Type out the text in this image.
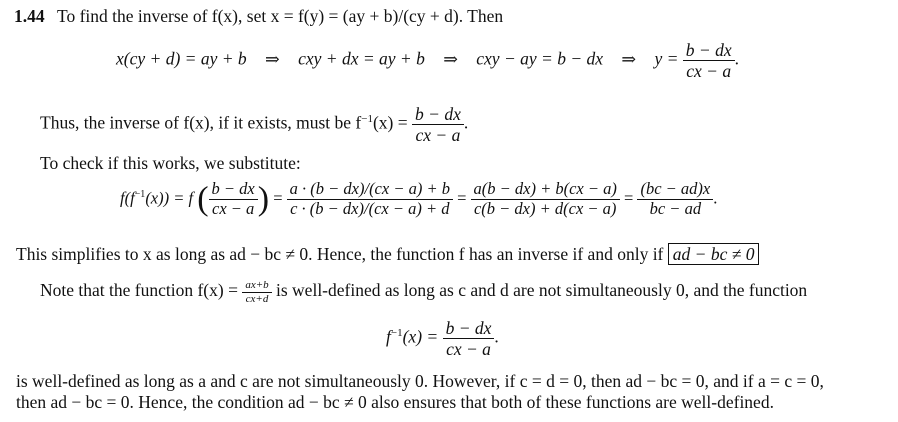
1.44 To find the inverse of f(x), set x = f(y) = (ay + b)/(cy + d). Then
x(cy + d) = ay + b ⇒ cxy + dx = ay + b ⇒ cxy − ay = b − dx ⇒ $y = \frac{b - dx}{cx - a}$ .
Thus, the inverse of f(x), if it exists, must be $f^{-1}(x) = \frac{b - dx}{cx - a}$ .
To check if this works, we substitute:
$f(f^{-1}(x)) = f$ ( $\frac{b - dx}{cx - a}$ ) = $\frac{a \cdot (b - dx)/(cx - a) + b}{c \cdot (b - dx)/(cx - a) + d} = \frac{a(b - dx) + b(cx - a)}{c(b - dx) + d(cx - a)} = \frac{(bc - ad)x}{bc - ad}$ .
This simplifies to x as long as ad − bc ≠ 0. Hence, the function f has an inverse if and only if ad − bc ≠ 0
Note that the function $f(x) = \frac{ax+b}{cx+d}$ is well-defined as long as c and d are not simultaneously 0, and the function
$f^{-1}(x) = \frac{b - dx}{cx - a}$ .
is well-defined as long as a and c are not simultaneously 0. However, if c = d = 0, then ad − bc = 0, and if a = c = 0,
then ad − bc = 0. Hence, the condition ad − bc ≠ 0 also ensures that both of these functions are well-defined.
